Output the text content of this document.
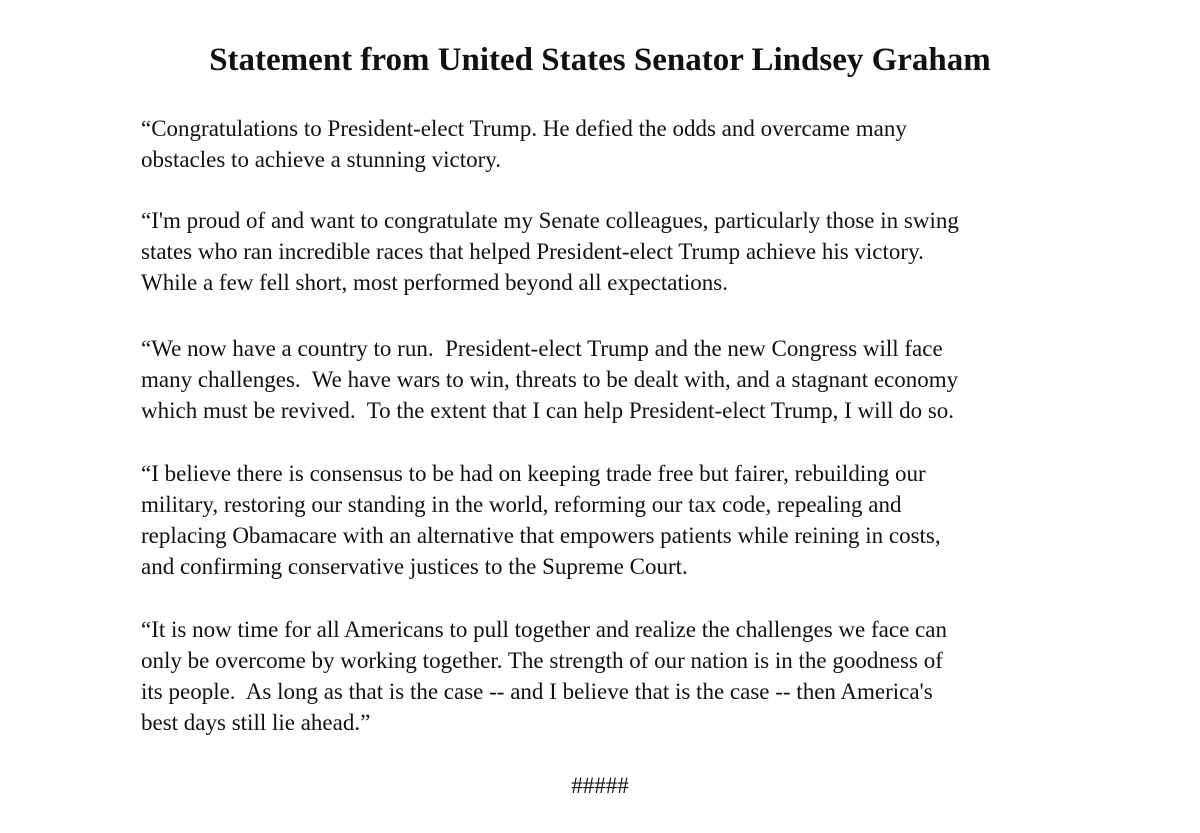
Statement from United States Senator Lindsey Graham

“Congratulations to President-elect Trump. He defied the odds and overcame many
obstacles to achieve a stunning victory.

“I'm proud of and want to congratulate my Senate colleagues, particularly those in swing
states who ran incredible races that helped President-elect Trump achieve his victory.
While a few fell short, most performed beyond all expectations.

“We now have a country to run.  President-elect Trump and the new Congress will face
many challenges.  We have wars to win, threats to be dealt with, and a stagnant economy
which must be revived.  To the extent that I can help President-elect Trump, I will do so.

“I believe there is consensus to be had on keeping trade free but fairer, rebuilding our
military, restoring our standing in the world, reforming our tax code, repealing and
replacing Obamacare with an alternative that empowers patients while reining in costs,
and confirming conservative justices to the Supreme Court.

“It is now time for all Americans to pull together and realize the challenges we face can
only be overcome by working together. The strength of our nation is in the goodness of
its people.  As long as that is the case -- and I believe that is the case -- then America's
best days still lie ahead.”

#####
